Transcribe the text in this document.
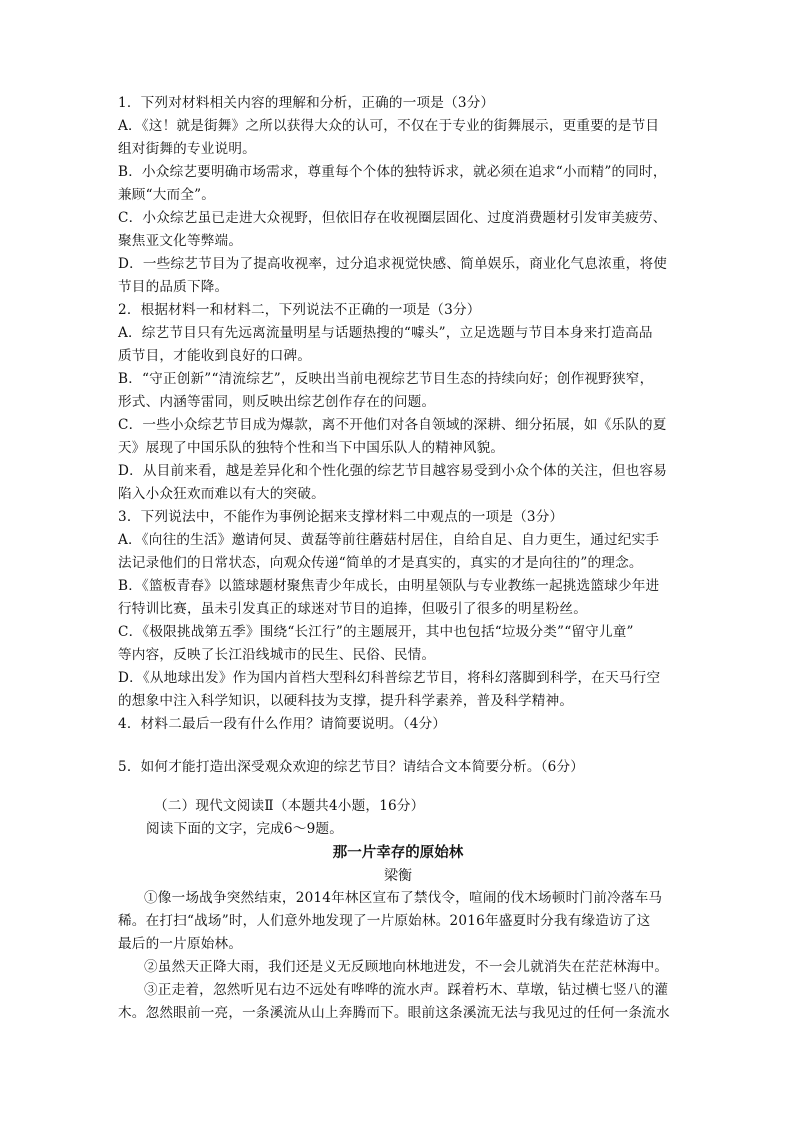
1．下列对材料相关内容的理解和分析，正确的一项是（3分）
A．《这！就是街舞》之所以获得大众的认可，不仅在于专业的街舞展示，更重要的是节目
组对街舞的专业说明。
B．小众综艺要明确市场需求，尊重每个个体的独特诉求，就必须在追求“小而精”的同时，
兼顾“大而全”。
C．小众综艺虽已走进大众视野，但依旧存在收视圈层固化、过度消费题材引发审美疲劳、
聚焦亚文化等弊端。
D．一些综艺节目为了提高收视率，过分追求视觉快感、简单娱乐，商业化气息浓重，将使
节目的品质下降。
2．根据材料一和材料二，下列说法不正确的一项是（3分）
A．综艺节目只有先远离流量明星与话题热搜的“噱头”，立足选题与节目本身来打造高品
质节目，才能收到良好的口碑。
B．“守正创新”“清流综艺”，反映出当前电视综艺节目生态的持续向好；创作视野狭窄，
形式、内涵等雷同，则反映出综艺创作存在的问题。
C．一些小众综艺节目成为爆款，离不开他们对各自领域的深耕、细分拓展，如《乐队的夏
天》展现了中国乐队的独特个性和当下中国乐队人的精神风貌。
D．从目前来看，越是差异化和个性化强的综艺节目越容易受到小众个体的关注，但也容易
陷入小众狂欢而难以有大的突破。
3．下列说法中，不能作为事例论据来支撑材料二中观点的一项是（3分）
A．《向往的生活》邀请何炅、黄磊等前往蘑菇村居住，自给自足、自力更生，通过纪实手
法记录他们的日常状态，向观众传递“简单的才是真实的，真实的才是向往的”的理念。
B．《篮板青春》以篮球题材聚焦青少年成长，由明星领队与专业教练一起挑选篮球少年进
行特训比赛，虽未引发真正的球迷对节目的追捧，但吸引了很多的明星粉丝。
C．《极限挑战第五季》围绕“长江行”的主题展开，其中也包括“垃圾分类”“留守儿童”
等内容，反映了长江沿线城市的民生、民俗、民情。
D．《从地球出发》作为国内首档大型科幻科普综艺节目，将科幻落脚到科学，在天马行空
的想象中注入科学知识，以硬科技为支撑，提升科学素养，普及科学精神。
4．材料二最后一段有什么作用？请简要说明。（4分）
5．如何才能打造出深受观众欢迎的综艺节目？请结合文本简要分析。（6分）
（二）现代文阅读Ⅱ（本题共4小题，16分）
阅读下面的文字，完成6～9题。
那一片幸存的原始林
梁衡
①像一场战争突然结束，2014年林区宣布了禁伐令，喧闹的伐木场顿时门前冷落车马
稀。在打扫“战场”时，人们意外地发现了一片原始林。2016年盛夏时分我有缘造访了这
最后的一片原始林。
②虽然天正降大雨，我们还是义无反顾地向林地进发，不一会儿就消失在茫茫林海中。
③正走着，忽然听见右边不远处有哗哗的流水声。踩着朽木、草墩，钻过横七竖八的灌
木。忽然眼前一亮，一条溪流从山上奔腾而下。眼前这条溪流无法与我见过的任何一条流水
